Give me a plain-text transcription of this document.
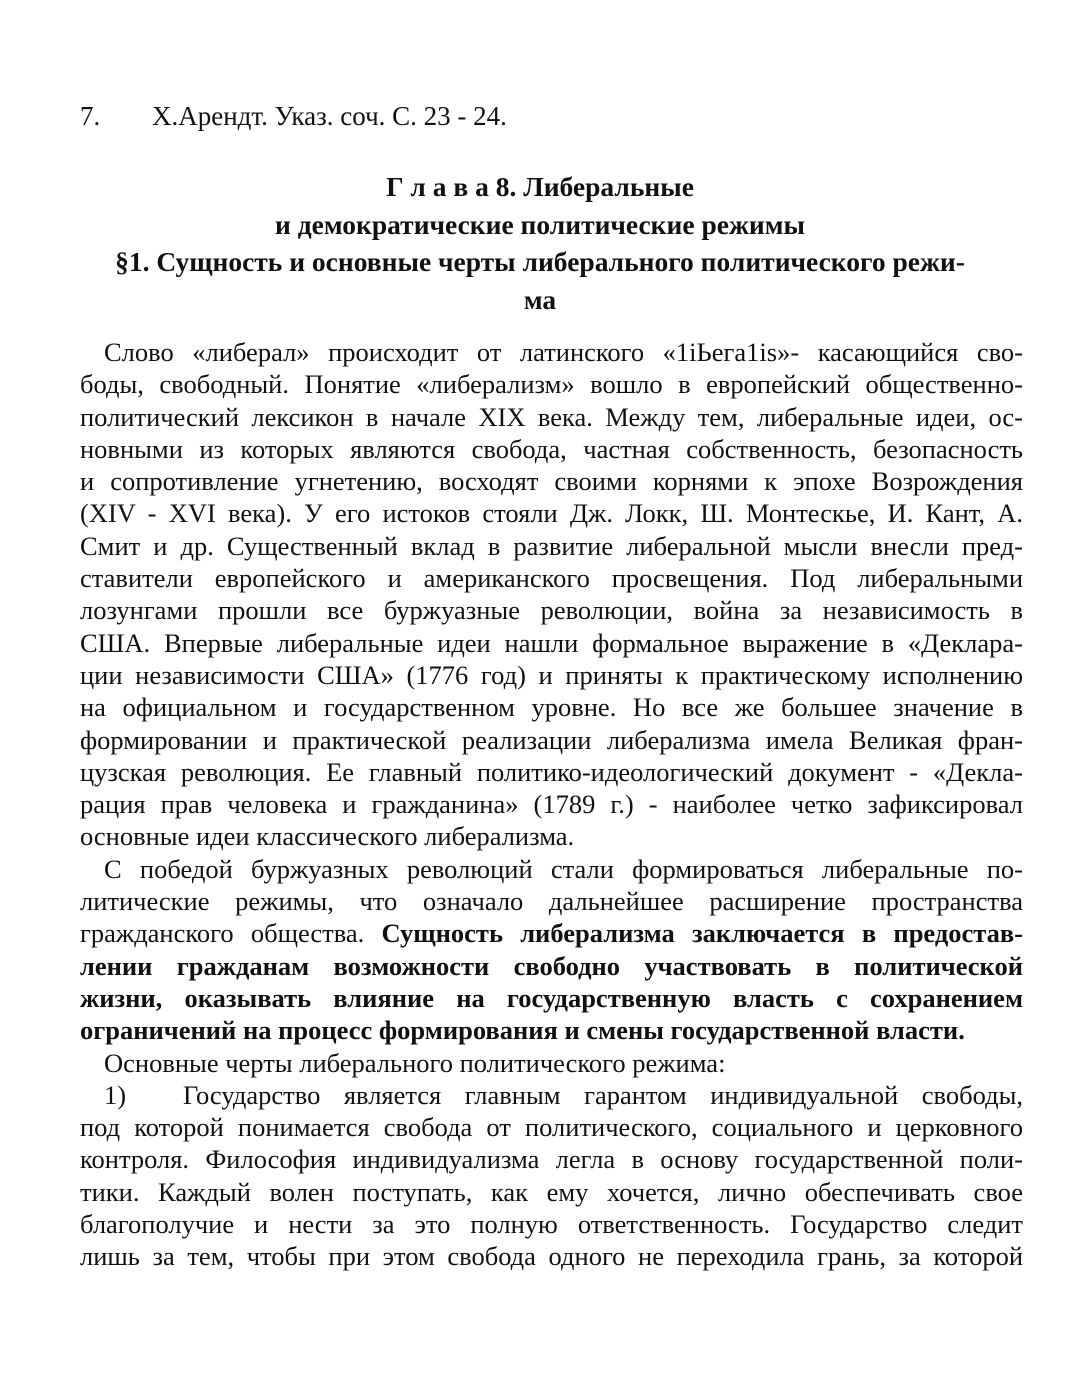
7. Х.Арендт. Указ. соч. С. 23 - 24.
Г л а в а 8. Либеральные
и демократические политические режимы
§1. Сущность и основные черты либерального политического режи-
ма
Слово «либерал» происходит от латинского «1iЬега1is»- касающийся сво-
боды, свободный. Понятие «либерализм» вошло в европейский общественно-
политический лексикон в начале XIX века. Между тем, либеральные идеи, ос-
новными из которых являются свобода, частная собственность, безопасность
и сопротивление угнетению, восходят своими корнями к эпохе Возрождения
(XIV - XVI века). У его истоков стояли Дж. Локк, Ш. Монтескье, И. Кант, А.
Смит и др. Существенный вклад в развитие либеральной мысли внесли пред-
ставители европейского и американского просвещения. Под либеральными
лозунгами прошли все буржуазные революции, война за независимость в
США. Впервые либеральные идеи нашли формальное выражение в «Деклара-
ции независимости США» (1776 год) и приняты к практическому исполнению
на официальном и государственном уровне. Но все же большее значение в
формировании и практической реализации либерализма имела Великая фран-
цузская революция. Ее главный политико-идеологический документ - «Декла-
рация прав человека и гражданина» (1789 г.) - наиболее четко зафиксировал
основные идеи классического либерализма.
С победой буржуазных революций стали формироваться либеральные по-
литические режимы, что означало дальнейшее расширение пространства
гражданского общества. Сущность либерализма заключается в предостав-
лении гражданам возможности свободно участвовать в политической
жизни, оказывать влияние на государственную власть с сохранением
ограничений на процесс формирования и смены государственной власти.
Основные черты либерального политического режима:
1) Государство является главным гарантом индивидуальной свободы,
под которой понимается свобода от политического, социального и церковного
контроля. Философия индивидуализма легла в основу государственной поли-
тики. Каждый волен поступать, как ему хочется, лично обеспечивать свое
благополучие и нести за это полную ответственность. Государство следит
лишь за тем, чтобы при этом свобода одного не переходила грань, за которой
